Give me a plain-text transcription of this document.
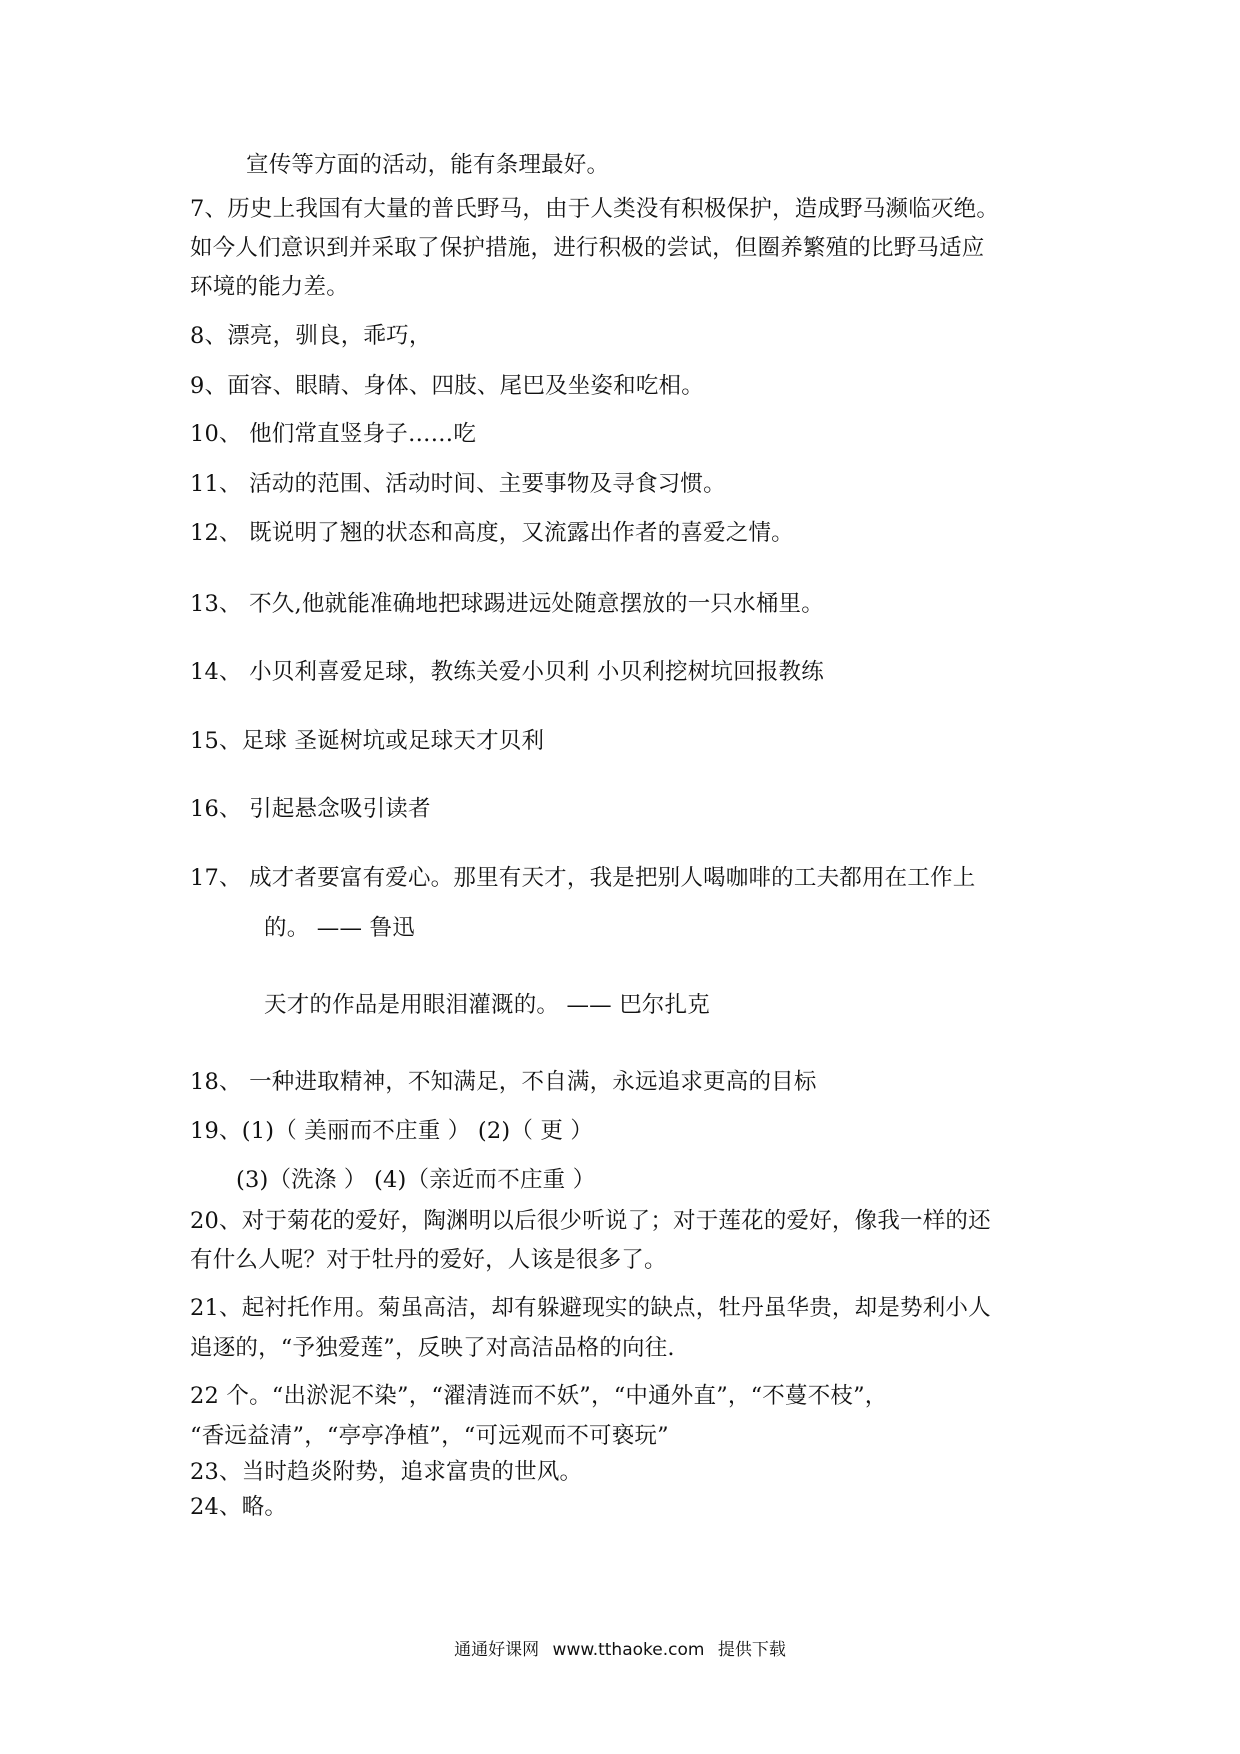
宣传等方面的活动，能有条理最好。
7、历史上我国有大量的普氏野马，由于人类没有积极保护，造成野马濒临灭绝。
如今人们意识到并采取了保护措施，进行积极的尝试，但圈养繁殖的比野马适应
环境的能力差。
8、漂亮，驯良，乖巧，
9、面容、眼睛、身体、四肢、尾巴及坐姿和吃相。
10、 他们常直竖身子……吃
11、 活动的范围、活动时间、主要事物及寻食习惯。
12、 既说明了翘的状态和高度，又流露出作者的喜爱之情。
13、 不久,他就能准确地把球踢进远处随意摆放的一只水桶里。
14、 小贝利喜爱足球，教练关爱小贝利 小贝利挖树坑回报教练
15、足球 圣诞树坑或足球天才贝利
16、 引起悬念吸引读者
17、 成才者要富有爱心。那里有天才，我是把别人喝咖啡的工夫都用在工作上
的。 —— 鲁迅
天才的作品是用眼泪灌溉的。 —— 巴尔扎克
18、 一种进取精神，不知满足，不自满，永远追求更高的目标
19、(1)（ 美丽而不庄重 ） (2)（ 更 ）
(3)（洗涤 ） (4)（亲近而不庄重 ）
20、对于菊花的爱好，陶渊明以后很少听说了；对于莲花的爱好，像我一样的还
有什么人呢？对于牡丹的爱好，人该是很多了。
21、起衬托作用。菊虽高洁，却有躲避现实的缺点，牡丹虽华贵，却是势利小人
追逐的，“予独爱莲”，反映了对高洁品格的向往.
22 个。“出淤泥不染”，“濯清涟而不妖”，“中通外直”，“不蔓不枝”，
“香远益清”，“亭亭净植”，“可远观而不可亵玩”
23、当时趋炎附势，追求富贵的世风。
24、略。
通通好课网 www.tthaoke.com 提供下载
